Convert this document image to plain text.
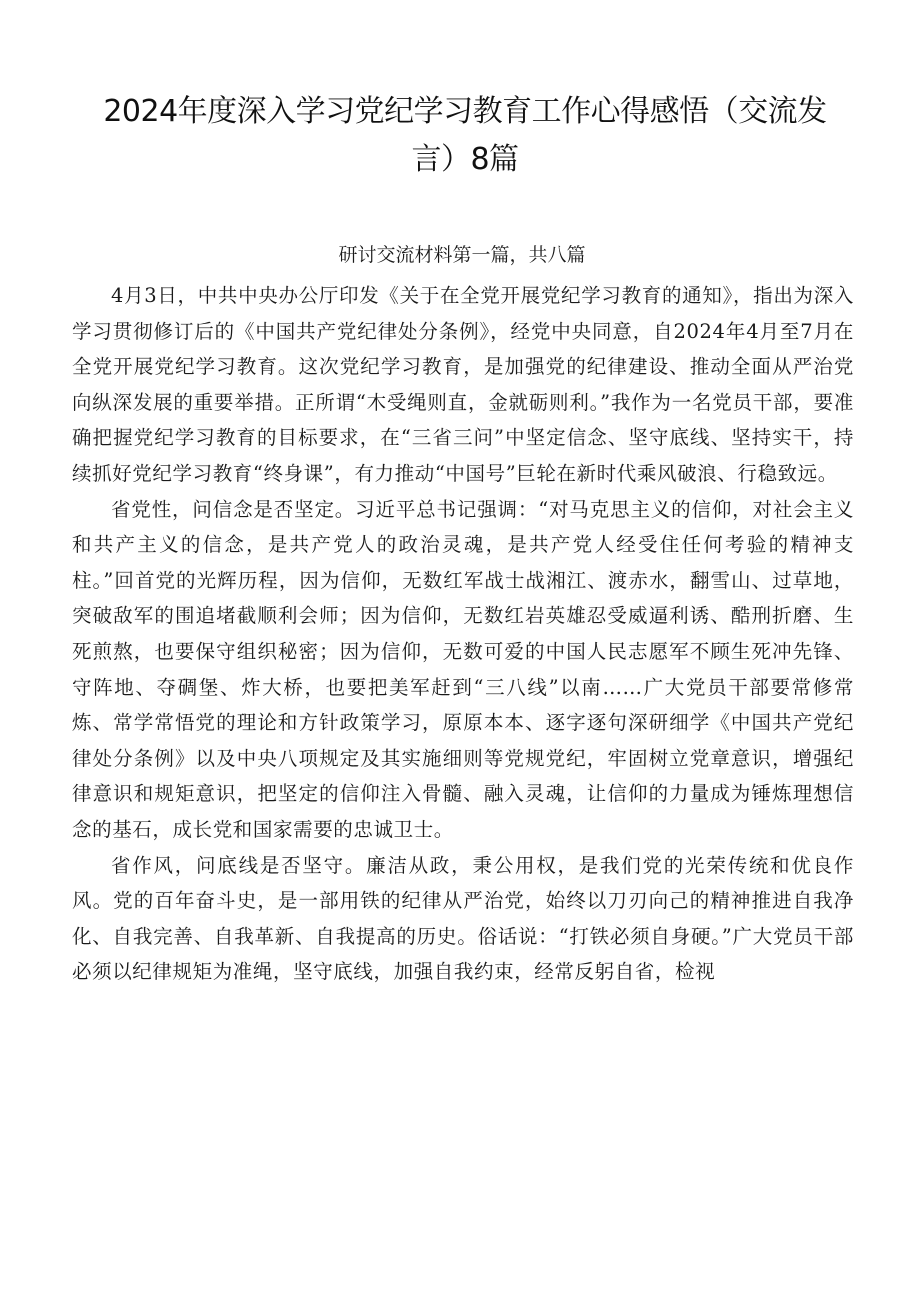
2024年度深入学习党纪学习教育工作心得感悟（交流发言）8篇

研讨交流材料第一篇，共八篇

4月3日，中共中央办公厅印发《关于在全党开展党纪学习教育的通知》，指出为深入学习贯彻修订后的《中国共产党纪律处分条例》，经党中央同意，自2024年4月至7月在全党开展党纪学习教育。这次党纪学习教育，是加强党的纪律建设、推动全面从严治党向纵深发展的重要举措。正所谓“木受绳则直，金就砺则利。”我作为一名党员干部，要准确把握党纪学习教育的目标要求，在“三省三问”中坚定信念、坚守底线、坚持实干，持续抓好党纪学习教育“终身课”，有力推动“中国号”巨轮在新时代乘风破浪、行稳致远。

省党性，问信念是否坚定。习近平总书记强调：“对马克思主义的信仰，对社会主义和共产主义的信念，是共产党人的政治灵魂，是共产党人经受住任何考验的精神支柱。”回首党的光辉历程，因为信仰，无数红军战士战湘江、渡赤水，翻雪山、过草地，突破敌军的围追堵截顺利会师；因为信仰，无数红岩英雄忍受威逼利诱、酷刑折磨、生死煎熬，也要保守组织秘密；因为信仰，无数可爱的中国人民志愿军不顾生死冲先锋、守阵地、夺碉堡、炸大桥，也要把美军赶到“三八线”以南……广大党员干部要常修常炼、常学常悟党的理论和方针政策学习，原原本本、逐字逐句深研细学《中国共产党纪律处分条例》以及中央八项规定及其实施细则等党规党纪，牢固树立党章意识，增强纪律意识和规矩意识，把坚定的信仰注入骨髓、融入灵魂，让信仰的力量成为锤炼理想信念的基石，成长党和国家需要的忠诚卫士。

省作风，问底线是否坚守。廉洁从政，秉公用权，是我们党的光荣传统和优良作风。党的百年奋斗史，是一部用铁的纪律从严治党，始终以刀刃向己的精神推进自我净化、自我完善、自我革新、自我提高的历史。俗话说：“打铁必须自身硬。”广大党员干部必须以纪律规矩为准绳，坚守底线，加强自我约束，经常反躬自省，检视
